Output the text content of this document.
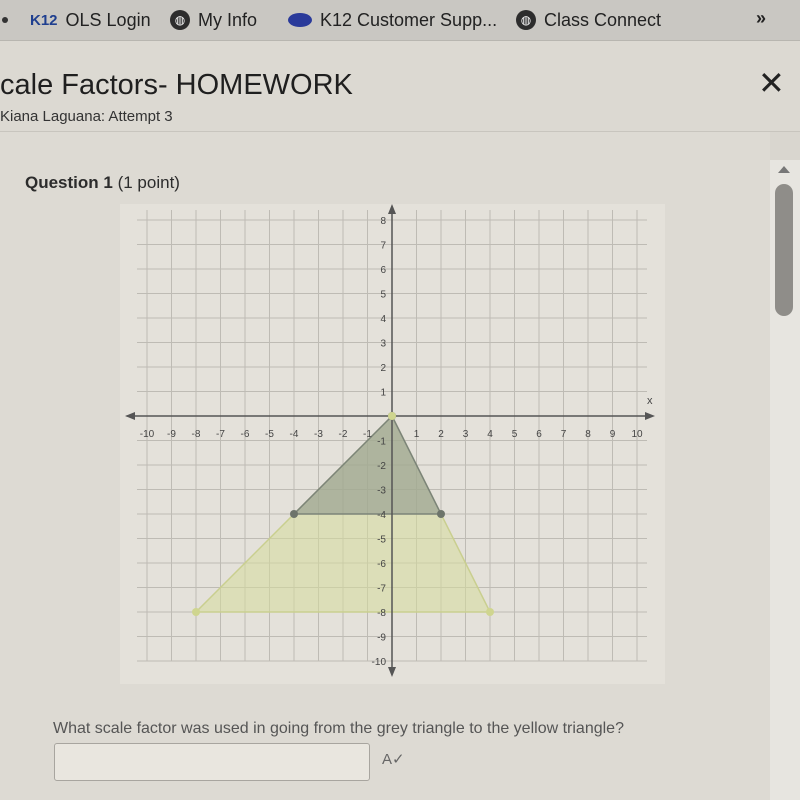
K12 OLS Login	◍ My Info	K12 Customer Supp...	◍ Class Connect	»
cale Factors- HOMEWORK
Kiana Laguana: Attempt 3
✕
Question 1 (1 point)
x
-10 -9 -8 -7 -6 -5 -4 -3 -2 -1	1 2 3 4 5 6 7 8 9 10
8
7
6
5
4
3
2
1
-1
-2
-3
-4
-5
-6
-7
-8
-9
-10
What scale factor was used in going from the grey triangle to the yellow triangle?
A✓
